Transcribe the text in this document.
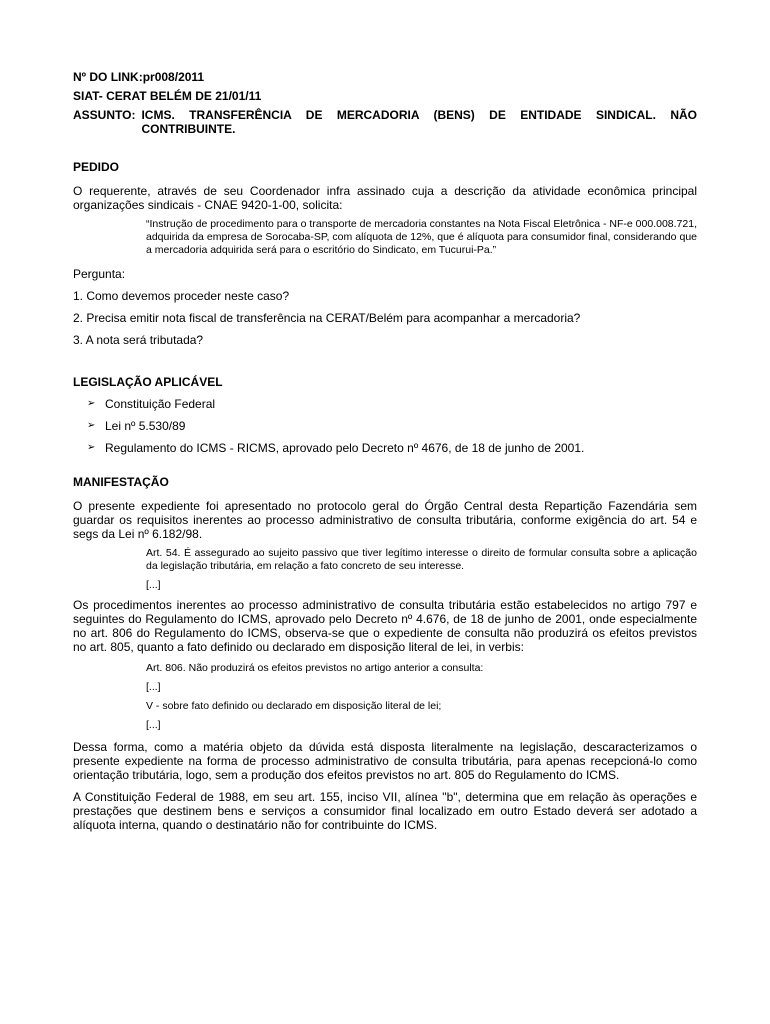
Nº DO LINK:pr008/2011
SIAT- CERAT BELÉM DE 21/01/11
ASSUNTO: ICMS. TRANSFERÊNCIA DE MERCADORIA (BENS) DE ENTIDADE SINDICAL. NÃO CONTRIBUINTE.
PEDIDO

O requerente, através de seu Coordenador infra assinado cuja a descrição da atividade econômica principal organizações sindicais - CNAE 9420-1-00, solicita:

“Instrução de procedimento para o transporte de mercadoria constantes na Nota Fiscal Eletrônica - NF-e 000.008.721, adquirida da empresa de Sorocaba-SP, com alíquota de 12%, que é alíquota para consumidor final, considerando que a mercadoria adquirida será para o escritório do Sindicato, em Tucurui-Pa.”

Pergunta:

1. Como devemos proceder neste caso?

2. Precisa emitir nota fiscal de transferência na CERAT/Belém para acompanhar a mercadoria?

3. A nota será tributada?

LEGISLAÇÃO APLICÁVEL
➢ Constituição Federal
➢ Lei nº 5.530/89
➢ Regulamento do ICMS - RICMS, aprovado pelo Decreto nº 4676, de 18 de junho de 2001.
MANIFESTAÇÃO

O presente expediente foi apresentado no protocolo geral do Órgão Central desta Repartição Fazendária sem guardar os requisitos inerentes ao processo administrativo de consulta tributária, conforme exigência do art. 54 e segs da Lei nº 6.182/98.

Art. 54. É assegurado ao sujeito passivo que tiver legítimo interesse o direito de formular consulta sobre a aplicação da legislação tributária, em relação a fato concreto de seu interesse.

[...]

Os procedimentos inerentes ao processo administrativo de consulta tributária estão estabelecidos no artigo 797 e seguintes do Regulamento do ICMS, aprovado pelo Decreto nº 4.676, de 18 de junho de 2001, onde especialmente no art. 806 do Regulamento do ICMS, observa-se que o expediente de consulta não produzirá os efeitos previstos no art. 805, quanto a fato definido ou declarado em disposição literal de lei, in verbis:

Art. 806. Não produzirá os efeitos previstos no artigo anterior a consulta:

[...]

V - sobre fato definido ou declarado em disposição literal de lei;

[...]

Dessa forma, como a matéria objeto da dúvida está disposta literalmente na legislação, descaracterizamos o presente expediente na forma de processo administrativo de consulta tributária, para apenas recepcioná-lo como orientação tributária, logo, sem a produção dos efeitos previstos no art. 805 do Regulamento do ICMS.

A Constituição Federal de 1988, em seu art. 155, inciso VII, alínea "b", determina que em relação às operações e prestações que destinem bens e serviços a consumidor final localizado em outro Estado deverá ser adotado a alíquota interna, quando o destinatário não for contribuinte do ICMS.
